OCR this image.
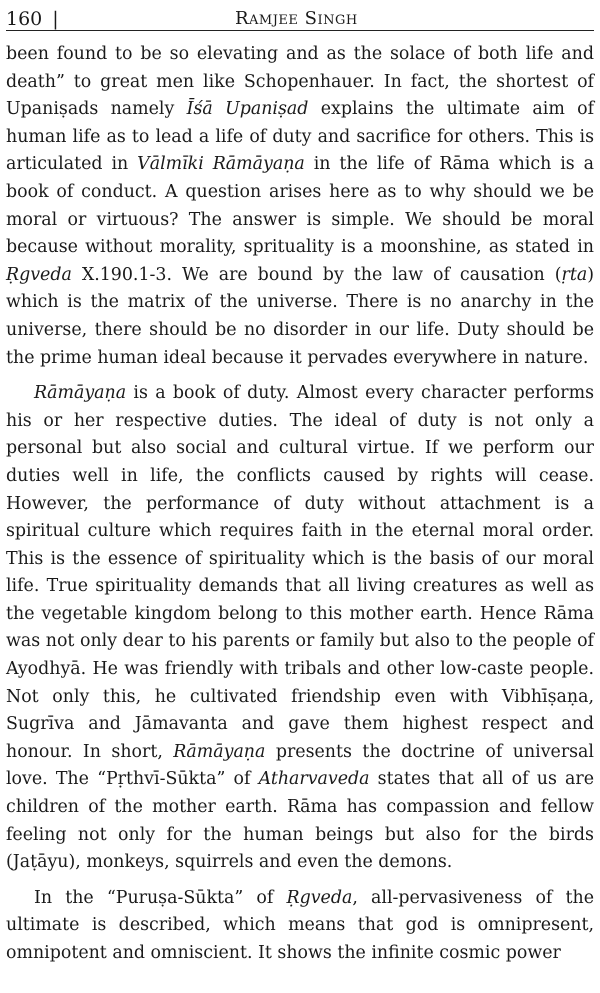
160 |	Ramjee Singh

been found to be so elevating and as the solace of both life and death” to great men like Schopenhauer. In fact, the shortest of Upaniṣads namely Īśā Upaniṣad explains the ultimate aim of human life as to lead a life of duty and sacrifice for others. This is articulated in Vālmīki Rāmāyaṇa in the life of Rāma which is a book of conduct. A question arises here as to why should we be moral or virtuous? The answer is simple. We should be moral because without morality, sprituality is a moonshine, as stated in Ṛgveda X.190.1-3. We are bound by the law of causation (ṛta) which is the matrix of the universe. There is no anarchy in the universe, there should be no disorder in our life. Duty should be the prime human ideal because it pervades everywhere in nature.

Rāmāyaṇa is a book of duty. Almost every character performs his or her respective duties. The ideal of duty is not only a personal but also social and cultural virtue. If we perform our duties well in life, the conflicts caused by rights will cease. However, the performance of duty without attachment is a spiritual culture which requires faith in the eternal moral order. This is the essence of spirituality which is the basis of our moral life. True spirituality demands that all living creatures as well as the vegetable kingdom belong to this mother earth. Hence Rāma was not only dear to his parents or family but also to the people of Ayodhyā. He was friendly with tribals and other low-caste people. Not only this, he cultivated friendship even with Vibhīṣaṇa, Sugrīva and Jāmavanta and gave them highest respect and honour. In short, Rāmāyaṇa presents the doctrine of universal love. The “Pṛthvī-Sūkta” of Atharvaveda states that all of us are children of the mother earth. Rāma has compassion and fellow feeling not only for the human beings but also for the birds (Jaṭāyu), monkeys, squirrels and even the demons.

In the “Puruṣa-Sūkta” of Ṛgveda, all-pervasiveness of the ultimate is described, which means that god is omnipresent, omnipotent and omniscient. It shows the infinite cosmic power
